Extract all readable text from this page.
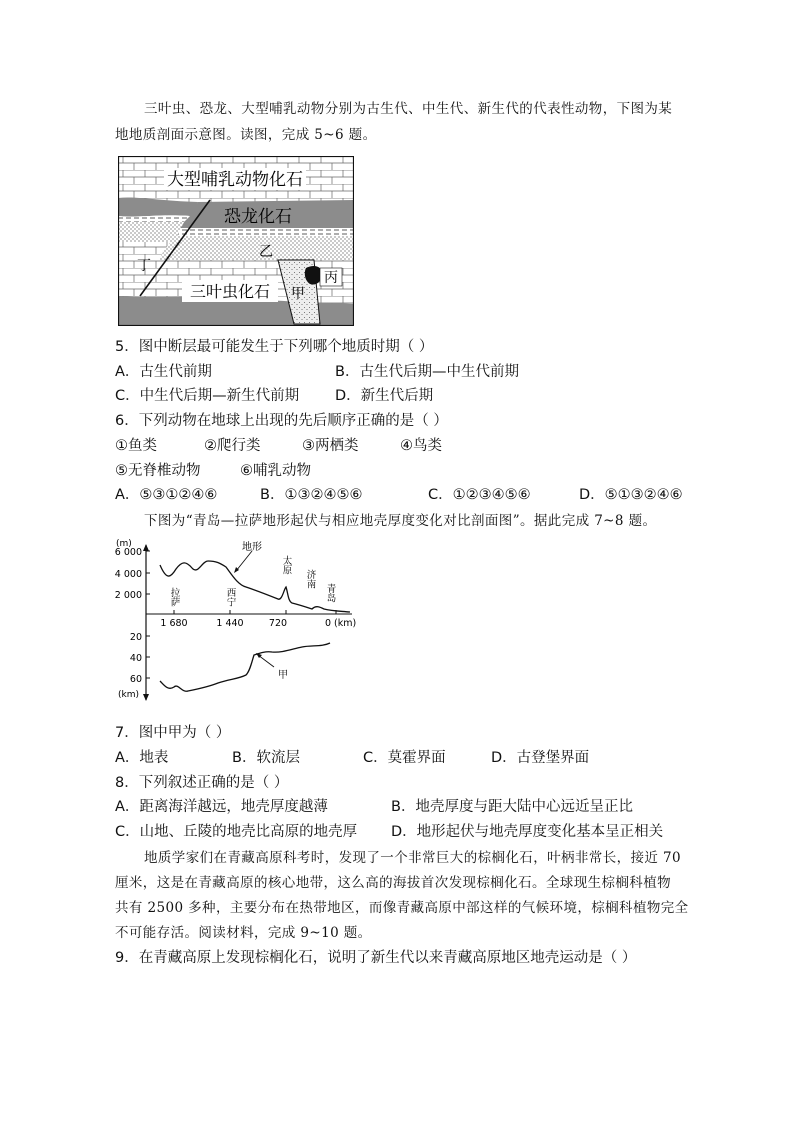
三叶虫、恐龙、大型哺乳动物分别为古生代、中生代、新生代的代表性动物，下图为某
地地质剖面示意图。读图，完成 5~6 题。
大型哺乳动物化石
恐龙化石
乙
丁
三叶虫化石 甲
丙
5．图中断层最可能发生于下列哪个地质时期（ ）
A．古生代前期	B．古生代后期—中生代前期
C．中生代后期—新生代前期 D．新生代后期
6．下列动物在地球上出现的先后顺序正确的是（ ）
①鱼类	②爬行类	③两栖类	④鸟类
⑤无脊椎动物	⑥哺乳动物
A．⑤③①②④⑥	B．①③②④⑤⑥	C．①②③④⑤⑥	D．⑤①③②④⑥
下图为“青岛—拉萨地形起伏与相应地壳厚度变化对比剖面图”。据此完成 7~8 题。
(m)
6 000
4 000
2 000
地形
拉萨	西宁
太原
济南
青岛
1 680	1 440	720	0 (km)
20
40
60
(km)
甲
7．图中甲为（ ）
A．地表	B．软流层	C．莫霍界面	D．古登堡界面
8．下列叙述正确的是（ ）
A．距离海洋越远，地壳厚度越薄	B．地壳厚度与距大陆中心远近呈正比
C．山地、丘陵的地壳比高原的地壳厚 D．地形起伏与地壳厚度变化基本呈正相关
地质学家们在青藏高原科考时，发现了一个非常巨大的棕榈化石，叶柄非常长，接近 70
厘米，这是在青藏高原的核心地带，这么高的海拔首次发现棕榈化石。全球现生棕榈科植物
共有 2500 多种，主要分布在热带地区，而像青藏高原中部这样的气候环境，棕榈科植物完全
不可能存活。阅读材料，完成 9~10 题。
9．在青藏高原上发现棕榈化石，说明了新生代以来青藏高原地区地壳运动是（ ）
